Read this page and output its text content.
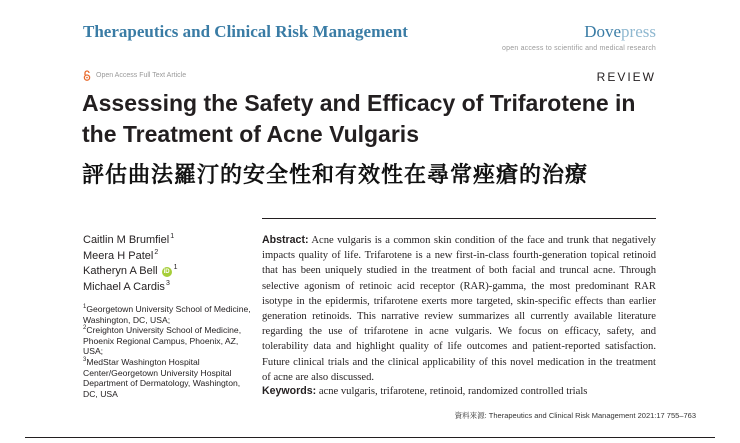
Therapeutics and Clinical Risk Management	Dovepress
open access to scientific and medical research
Open Access Full Text Article	REVIEW
Assessing the Safety and Efficacy of Trifarotene in
the Treatment of Acne Vulgaris
評估曲法羅汀的安全性和有效性在尋常痤瘡的治療
Caitlin M Brumfiel$^1$
Meera H Patel$^2$
Katheryn A Bell	iD
$^1$
Michael A Cardis$^3$
$^1$Georgetown University School of Medicine, Washington, DC, USA;
$^2$Creighton University School of Medicine, Phoenix Regional Campus, Phoenix, AZ, USA;
$^3$MedStar Washington Hospital Center/Georgetown University Hospital Department of Dermatology, Washington, DC, USA

Abstract: Acne vulgaris is a common skin condition of the face and trunk that negatively impacts quality of life. Trifarotene is a new first-in-class fourth-generation topical retinoid that has been uniquely studied in the treatment of both facial and truncal acne. Through selective agonism of retinoic acid receptor (RAR)-gamma, the most predominant RAR isotype in the epidermis, trifarotene exerts more targeted, skin-specific effects than earlier generation retinoids. This narrative review summarizes all currently available literature regarding the use of trifarotene in acne vulgaris. We focus on efficacy, safety, and tolerability data and highlight quality of life outcomes and patient-reported satisfaction. Future clinical trials and the clinical applicability of this novel medication in the treatment of acne are also discussed.

Keywords: acne vulgaris, trifarotene, retinoid, randomized controlled trials

資料來源: Therapeutics and Clinical Risk Management 2021:17 755–763
